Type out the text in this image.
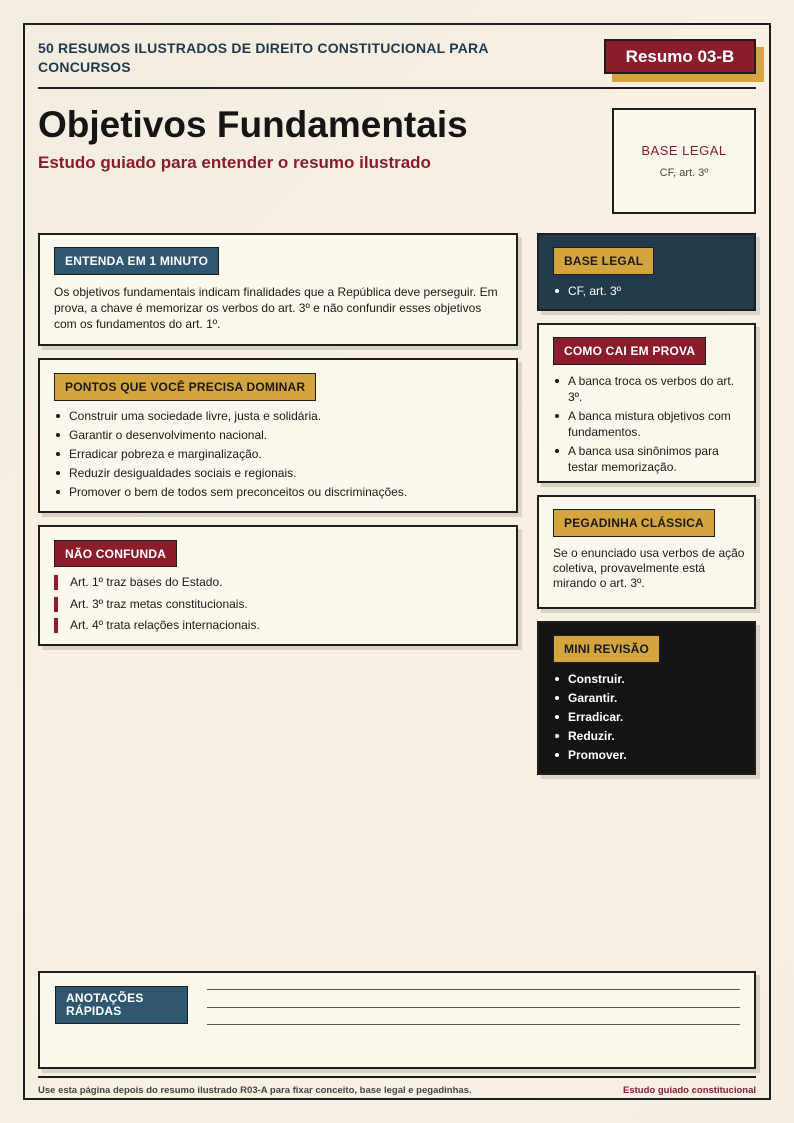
50 RESUMOS ILUSTRADOS DE DIREITO CONSTITUCIONAL PARA CONCURSOS
Resumo 03-B
Objetivos Fundamentais
Estudo guiado para entender o resumo ilustrado
BASE LEGAL
CF, art. 3º
ENTENDA EM 1 MINUTO
Os objetivos fundamentais indicam finalidades que a República deve perseguir. Em prova, a chave é memorizar os verbos do art. 3º e não confundir esses objetivos com os fundamentos do art. 1º.
PONTOS QUE VOCÊ PRECISA DOMINAR
Construir uma sociedade livre, justa e solidária.
Garantir o desenvolvimento nacional.
Erradicar pobreza e marginalização.
Reduzir desigualdades sociais e regionais.
Promover o bem de todos sem preconceitos ou discriminações.
NÃO CONFUNDA
Art. 1º traz bases do Estado.
Art. 3º traz metas constitucionais.
Art. 4º trata relações internacionais.
BASE LEGAL
CF, art. 3º
COMO CAI EM PROVA
A banca troca os verbos do art. 3º.
A banca mistura objetivos com fundamentos.
A banca usa sinônimos para testar memorização.
PEGADINHA CLÁSSICA
Se o enunciado usa verbos de ação coletiva, provavelmente está mirando o art. 3º.
MINI REVISÃO
Construir.
Garantir.
Erradicar.
Reduzir.
Promover.
ANOTAÇÕES RÁPIDAS
Use esta página depois do resumo ilustrado R03-A para fixar conceito, base legal e pegadinhas.	Estudo guiado constitucional
